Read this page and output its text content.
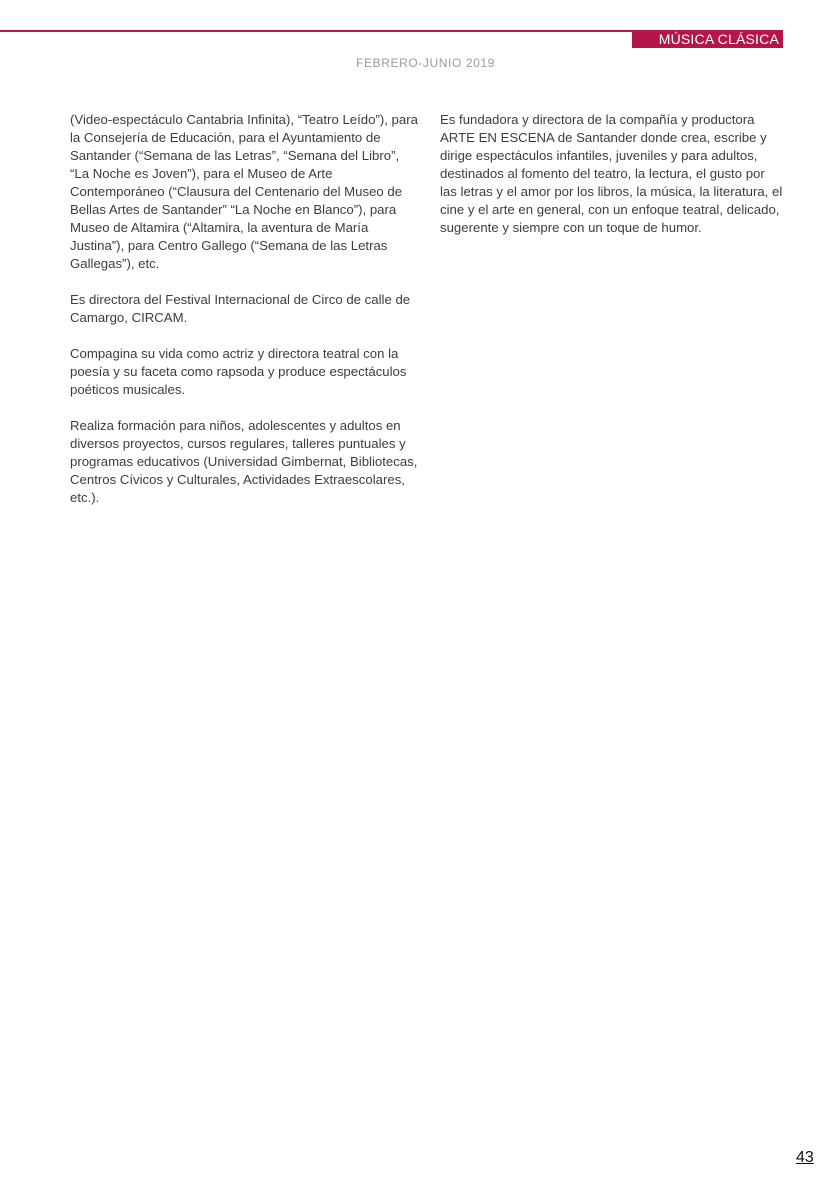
MÚSICA CLÁSICA
FEBRERO-JUNIO 2019

(Video-espectáculo Cantabria Infinita), “Teatro Leído”), para la Consejería de Educación, para el Ayuntamiento de Santander (“Semana de las Letras”, “Semana del Libro”, “La Noche es Joven”), para el Museo de Arte Contemporáneo (“Clausura del Centenario del Museo de Bellas Artes de Santander” “La Noche en Blanco”), para Museo de Altamira (“Altamira, la aventura de María Justina”), para Centro Gallego (“Semana de las Letras Gallegas”), etc.

Es directora del Festival Internacional de Circo de calle de Camargo, CIRCAM.

Compagina su vida como actriz y directora teatral con la poesía y su faceta como rapsoda y produce espectáculos poéticos musicales.

Realiza formación para niños, adolescentes y adultos en diversos proyectos, cursos regulares, talleres puntuales y programas educativos (Universidad Gimbernat, Bibliotecas, Centros Cívicos y Culturales, Actividades Extraescolares, etc.).

Es fundadora y directora de la compañía y productora ARTE EN ESCENA de Santander donde crea, escribe y dirige espectáculos infantiles, juveniles y para adultos, destinados al fomento del teatro, la lectura, el gusto por las letras y el amor por los libros, la música, la literatura, el cine y el arte en general, con un enfoque teatral, delicado, sugerente y siempre con un toque de humor.

43
